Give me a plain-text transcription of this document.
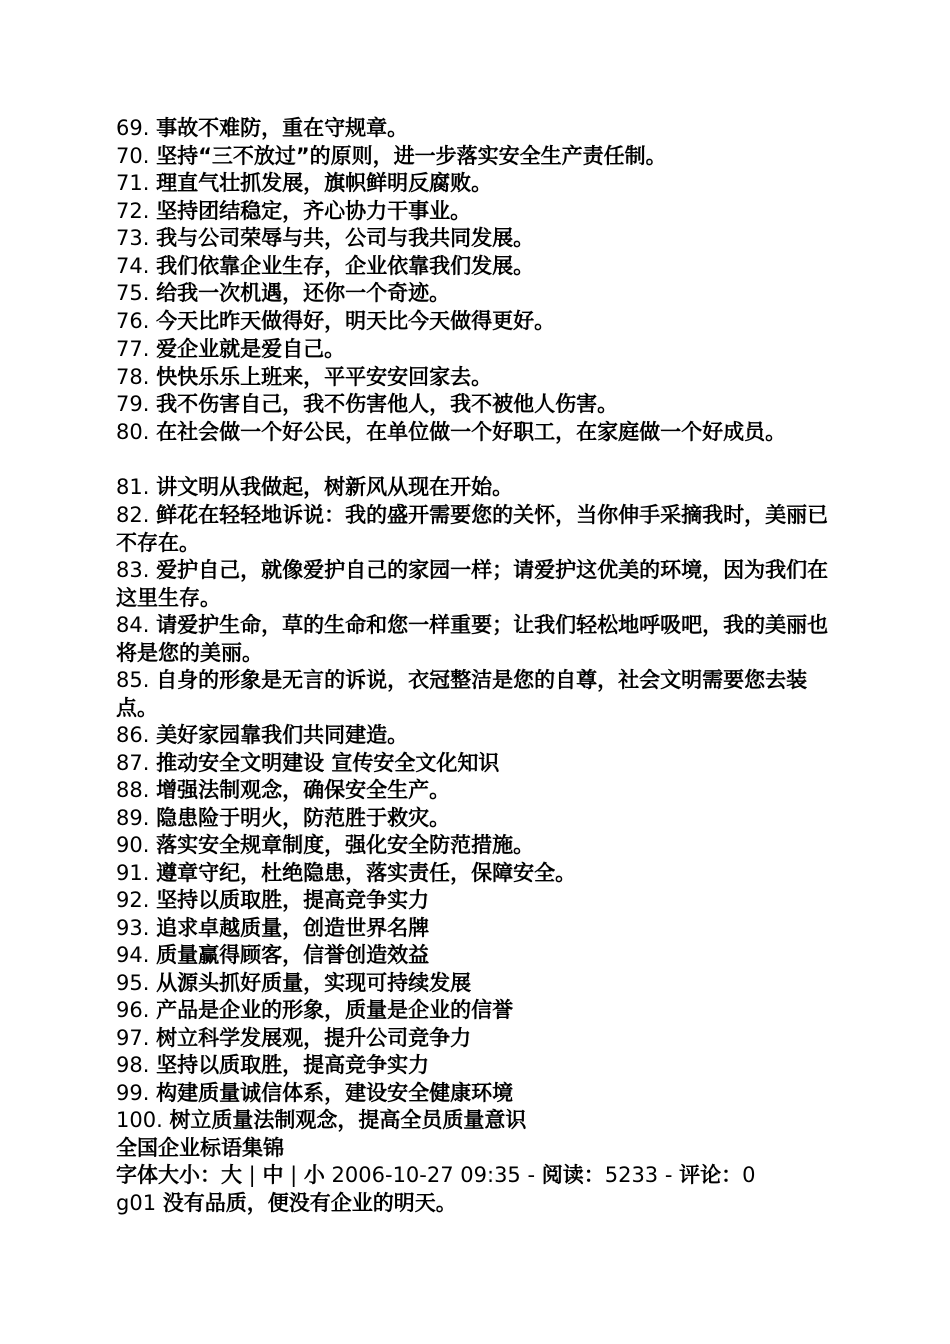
69. 事故不难防，重在守规章。
70. 坚持“三不放过”的原则，进一步落实安全生产责任制。
71. 理直气壮抓发展，旗帜鲜明反腐败。
72. 坚持团结稳定，齐心协力干事业。
73. 我与公司荣辱与共，公司与我共同发展。
74. 我们依靠企业生存，企业依靠我们发展。
75. 给我一次机遇，还你一个奇迹。
76. 今天比昨天做得好，明天比今天做得更好。
77. 爱企业就是爱自己。
78. 快快乐乐上班来，平平安安回家去。
79. 我不伤害自己，我不伤害他人，我不被他人伤害。
80. 在社会做一个好公民，在单位做一个好职工，在家庭做一个好成员。
81. 讲文明从我做起，树新风从现在开始。
82. 鲜花在轻轻地诉说：我的盛开需要您的关怀，当你伸手采摘我时，美丽已不存在。
83. 爱护自己，就像爱护自己的家园一样；请爱护这优美的环境，因为我们在这里生存。
84. 请爱护生命，草的生命和您一样重要；让我们轻松地呼吸吧，我的美丽也将是您的美丽。
85. 自身的形象是无言的诉说，衣冠整洁是您的自尊，社会文明需要您去装点。
86. 美好家园靠我们共同建造。
87. 推动安全文明建设 宣传安全文化知识
88. 增强法制观念，确保安全生产。
89. 隐患险于明火，防范胜于救灾。
90. 落实安全规章制度，强化安全防范措施。
91. 遵章守纪，杜绝隐患，落实责任，保障安全。
92. 坚持以质取胜，提高竞争实力
93. 追求卓越质量，创造世界名牌
94. 质量赢得顾客，信誉创造效益
95. 从源头抓好质量，实现可持续发展
96. 产品是企业的形象，质量是企业的信誉
97. 树立科学发展观，提升公司竞争力
98. 坚持以质取胜，提高竞争实力
99. 构建质量诚信体系，建设安全健康环境
100. 树立质量法制观念，提高全员质量意识
全国企业标语集锦
字体大小：大 | 中 | 小 2006-10-27 09:35 - 阅读：5233 - 评论：0
g01 没有品质，便没有企业的明天。
